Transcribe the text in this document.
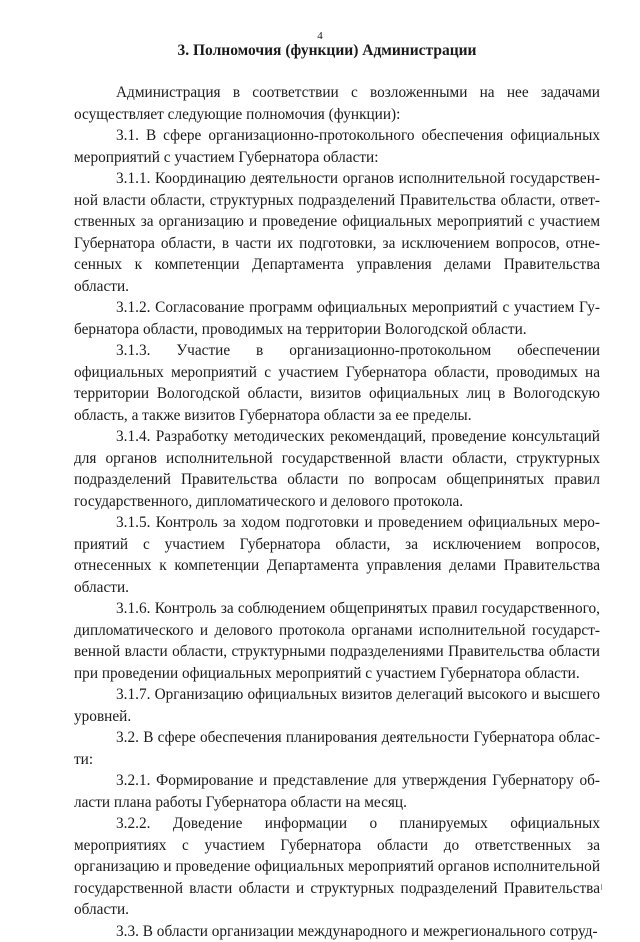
4
3. Полномочия (функции) Администрации

Администрация в соответствии с возложенными на нее задачами осуществляет следующие полномочия (функции):

3.1. В сфере организационно-протокольного обеспечения официальных мероприятий с участием Губернатора области:

3.1.1. Координацию деятельности органов исполнительной государственной власти области, структурных подразделений Правительства области, ответственных за организацию и проведение официальных мероприятий с участием Губернатора области, в части их подготовки, за исключением вопросов, отнесенных к компетенции Департамента управления делами Правительства области.

3.1.2. Согласование программ официальных мероприятий с участием Губернатора области, проводимых на территории Вологодской области.

3.1.3. Участие в организационно-протокольном обеспечении официальных мероприятий с участием Губернатора области, проводимых на территории Вологодской области, визитов официальных лиц в Вологодскую область, а также визитов Губернатора области за ее пределы.

3.1.4. Разработку методических рекомендаций, проведение консультаций для органов исполнительной государственной власти области, структурных подразделений Правительства области по вопросам общепринятых правил государственного, дипломатического и делового протокола.

3.1.5. Контроль за ходом подготовки и проведением официальных мероприятий с участием Губернатора области, за исключением вопросов, отнесенных к компетенции Департамента управления делами Правительства области.

3.1.6. Контроль за соблюдением общепринятых правил государственного, дипломатического и делового протокола органами исполнительной государственной власти области, структурными подразделениями Правительства области при проведении официальных мероприятий с участием Губернатора области.

3.1.7. Организацию официальных визитов делегаций высокого и высшего уровней.

3.2. В сфере обеспечения планирования деятельности Губернатора области:

3.2.1. Формирование и представление для утверждения Губернатору области плана работы Губернатора области на месяц.

3.2.2. Доведение информации о планируемых официальных мероприятиях с участием Губернатора области до ответственных за организацию и проведение официальных мероприятий органов исполнительной государственной власти области и структурных подразделений Правительства области.

3.3. В области организации международного и межрегионального сотруд-
